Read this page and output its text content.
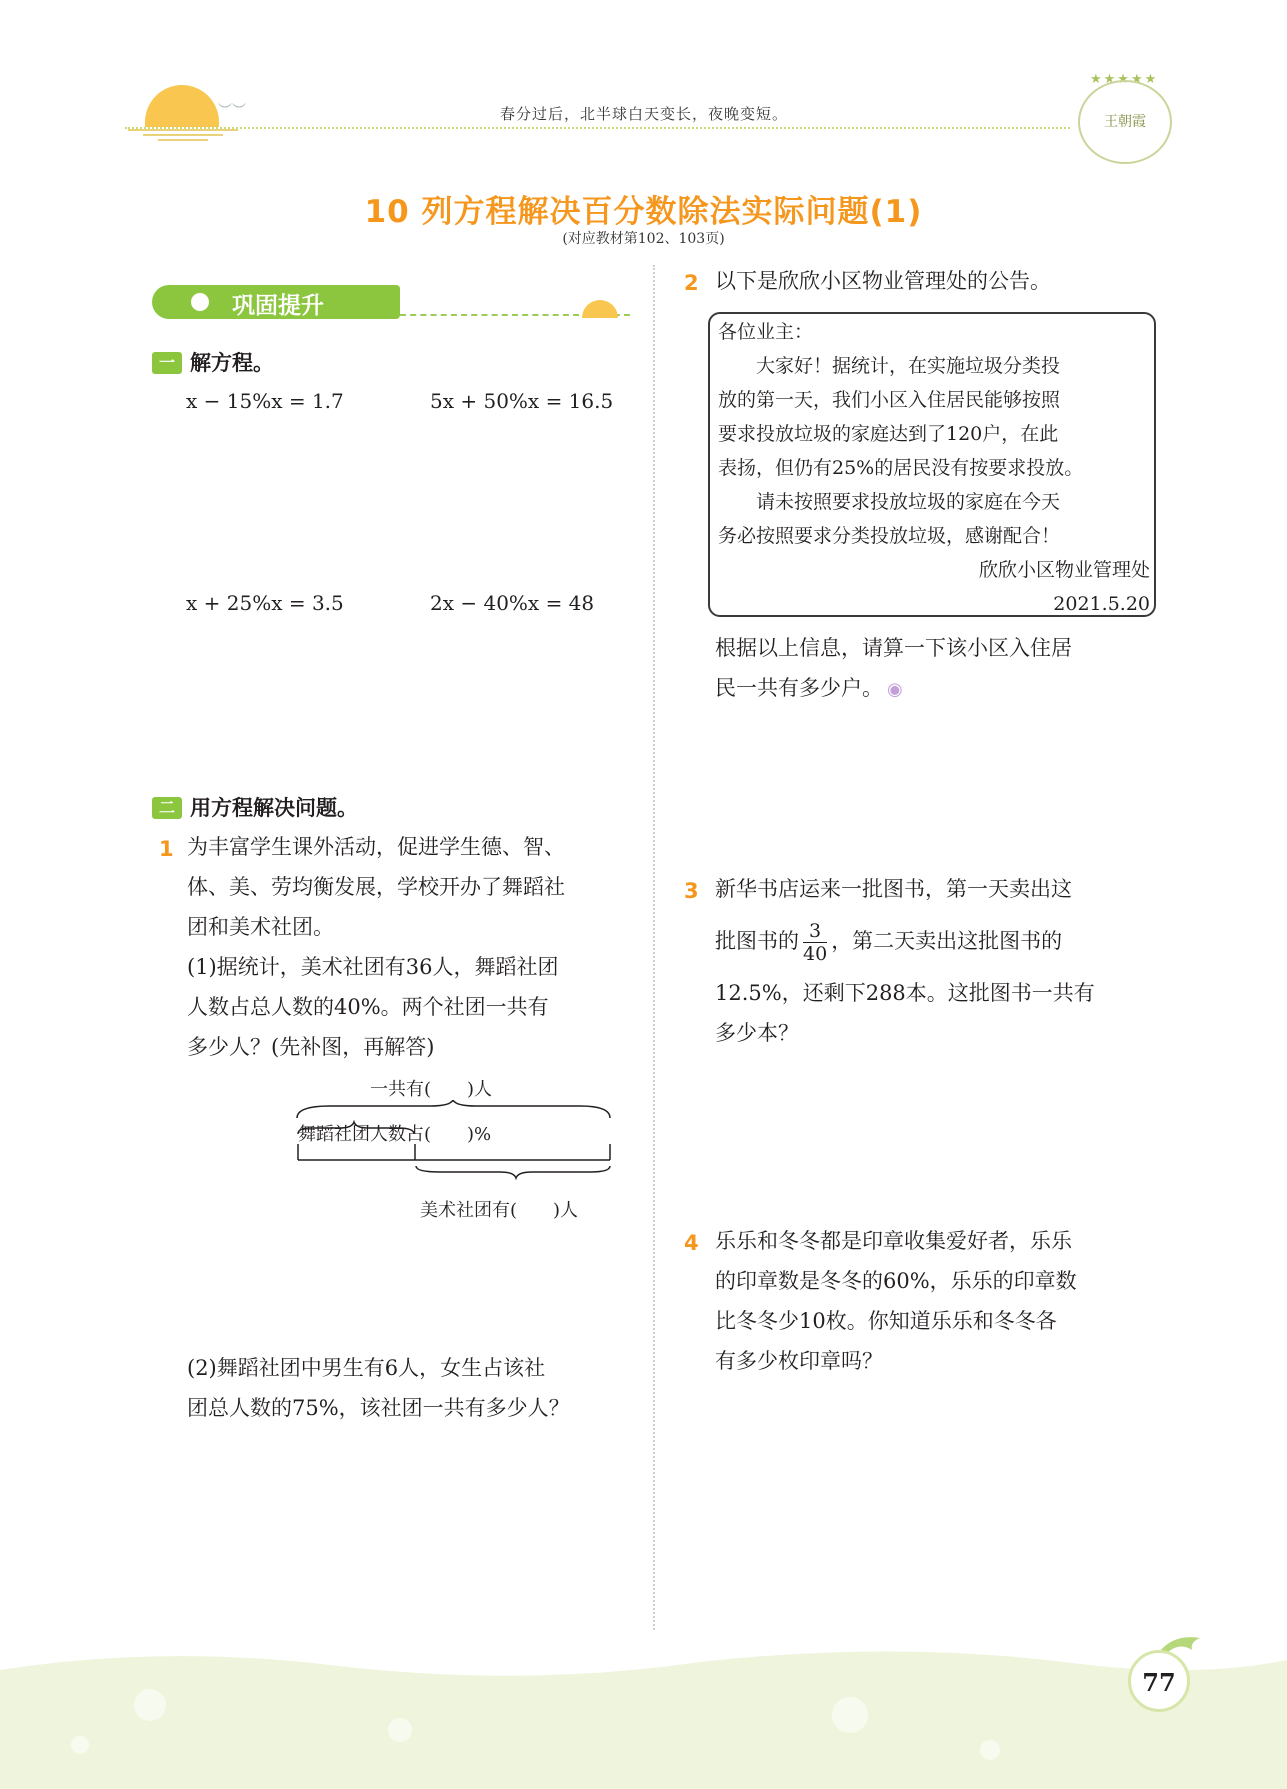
︶︶	春分过后，北半球白天变长，夜晚变短。
★★★★★
王朝霞
10 列方程解决百分数除法实际问题(1)
(对应教材第102、103页)
巩固提升
一 解方程。
x − 15%x = 1.7	5x + 50%x = 16.5
x + 25%x = 3.5	2x − 40%x = 48
二 用方程解决问题。
1 为丰富学生课外活动，促进学生德、智、
体、美、劳均衡发展，学校开办了舞蹈社
团和美术社团。
(1)据统计，美术社团有36人，舞蹈社团
人数占总人数的40%。两个社团一共有
多少人？(先补图，再解答)
一共有(　　)人
舞蹈社团人数占(　　)%
美术社团有(　　)人
(2)舞蹈社团中男生有6人，女生占该社
团总人数的75%，该社团一共有多少人？
2 以下是欣欣小区物业管理处的公告。
各位业主：
　　大家好！据统计，在实施垃圾分类投
放的第一天，我们小区入住居民能够按照
要求投放垃圾的家庭达到了120户，在此
表扬，但仍有25%的居民没有按要求投放。
　　请未按照要求投放垃圾的家庭在今天
务必按照要求分类投放垃圾，感谢配合！
欣欣小区物业管理处
2021.5.20
根据以上信息，请算一下该小区入住居
民一共有多少户。 ◉
3 新华书店运来一批图书，第一天卖出这
批图书的 $\frac{3}{40}$ ，第二天卖出这批图书的
12.5%，还剩下288本。这批图书一共有
多少本？
4 乐乐和冬冬都是印章收集爱好者，乐乐
的印章数是冬冬的60%，乐乐的印章数
比冬冬少10枚。你知道乐乐和冬冬各
有多少枚印章吗？
77
